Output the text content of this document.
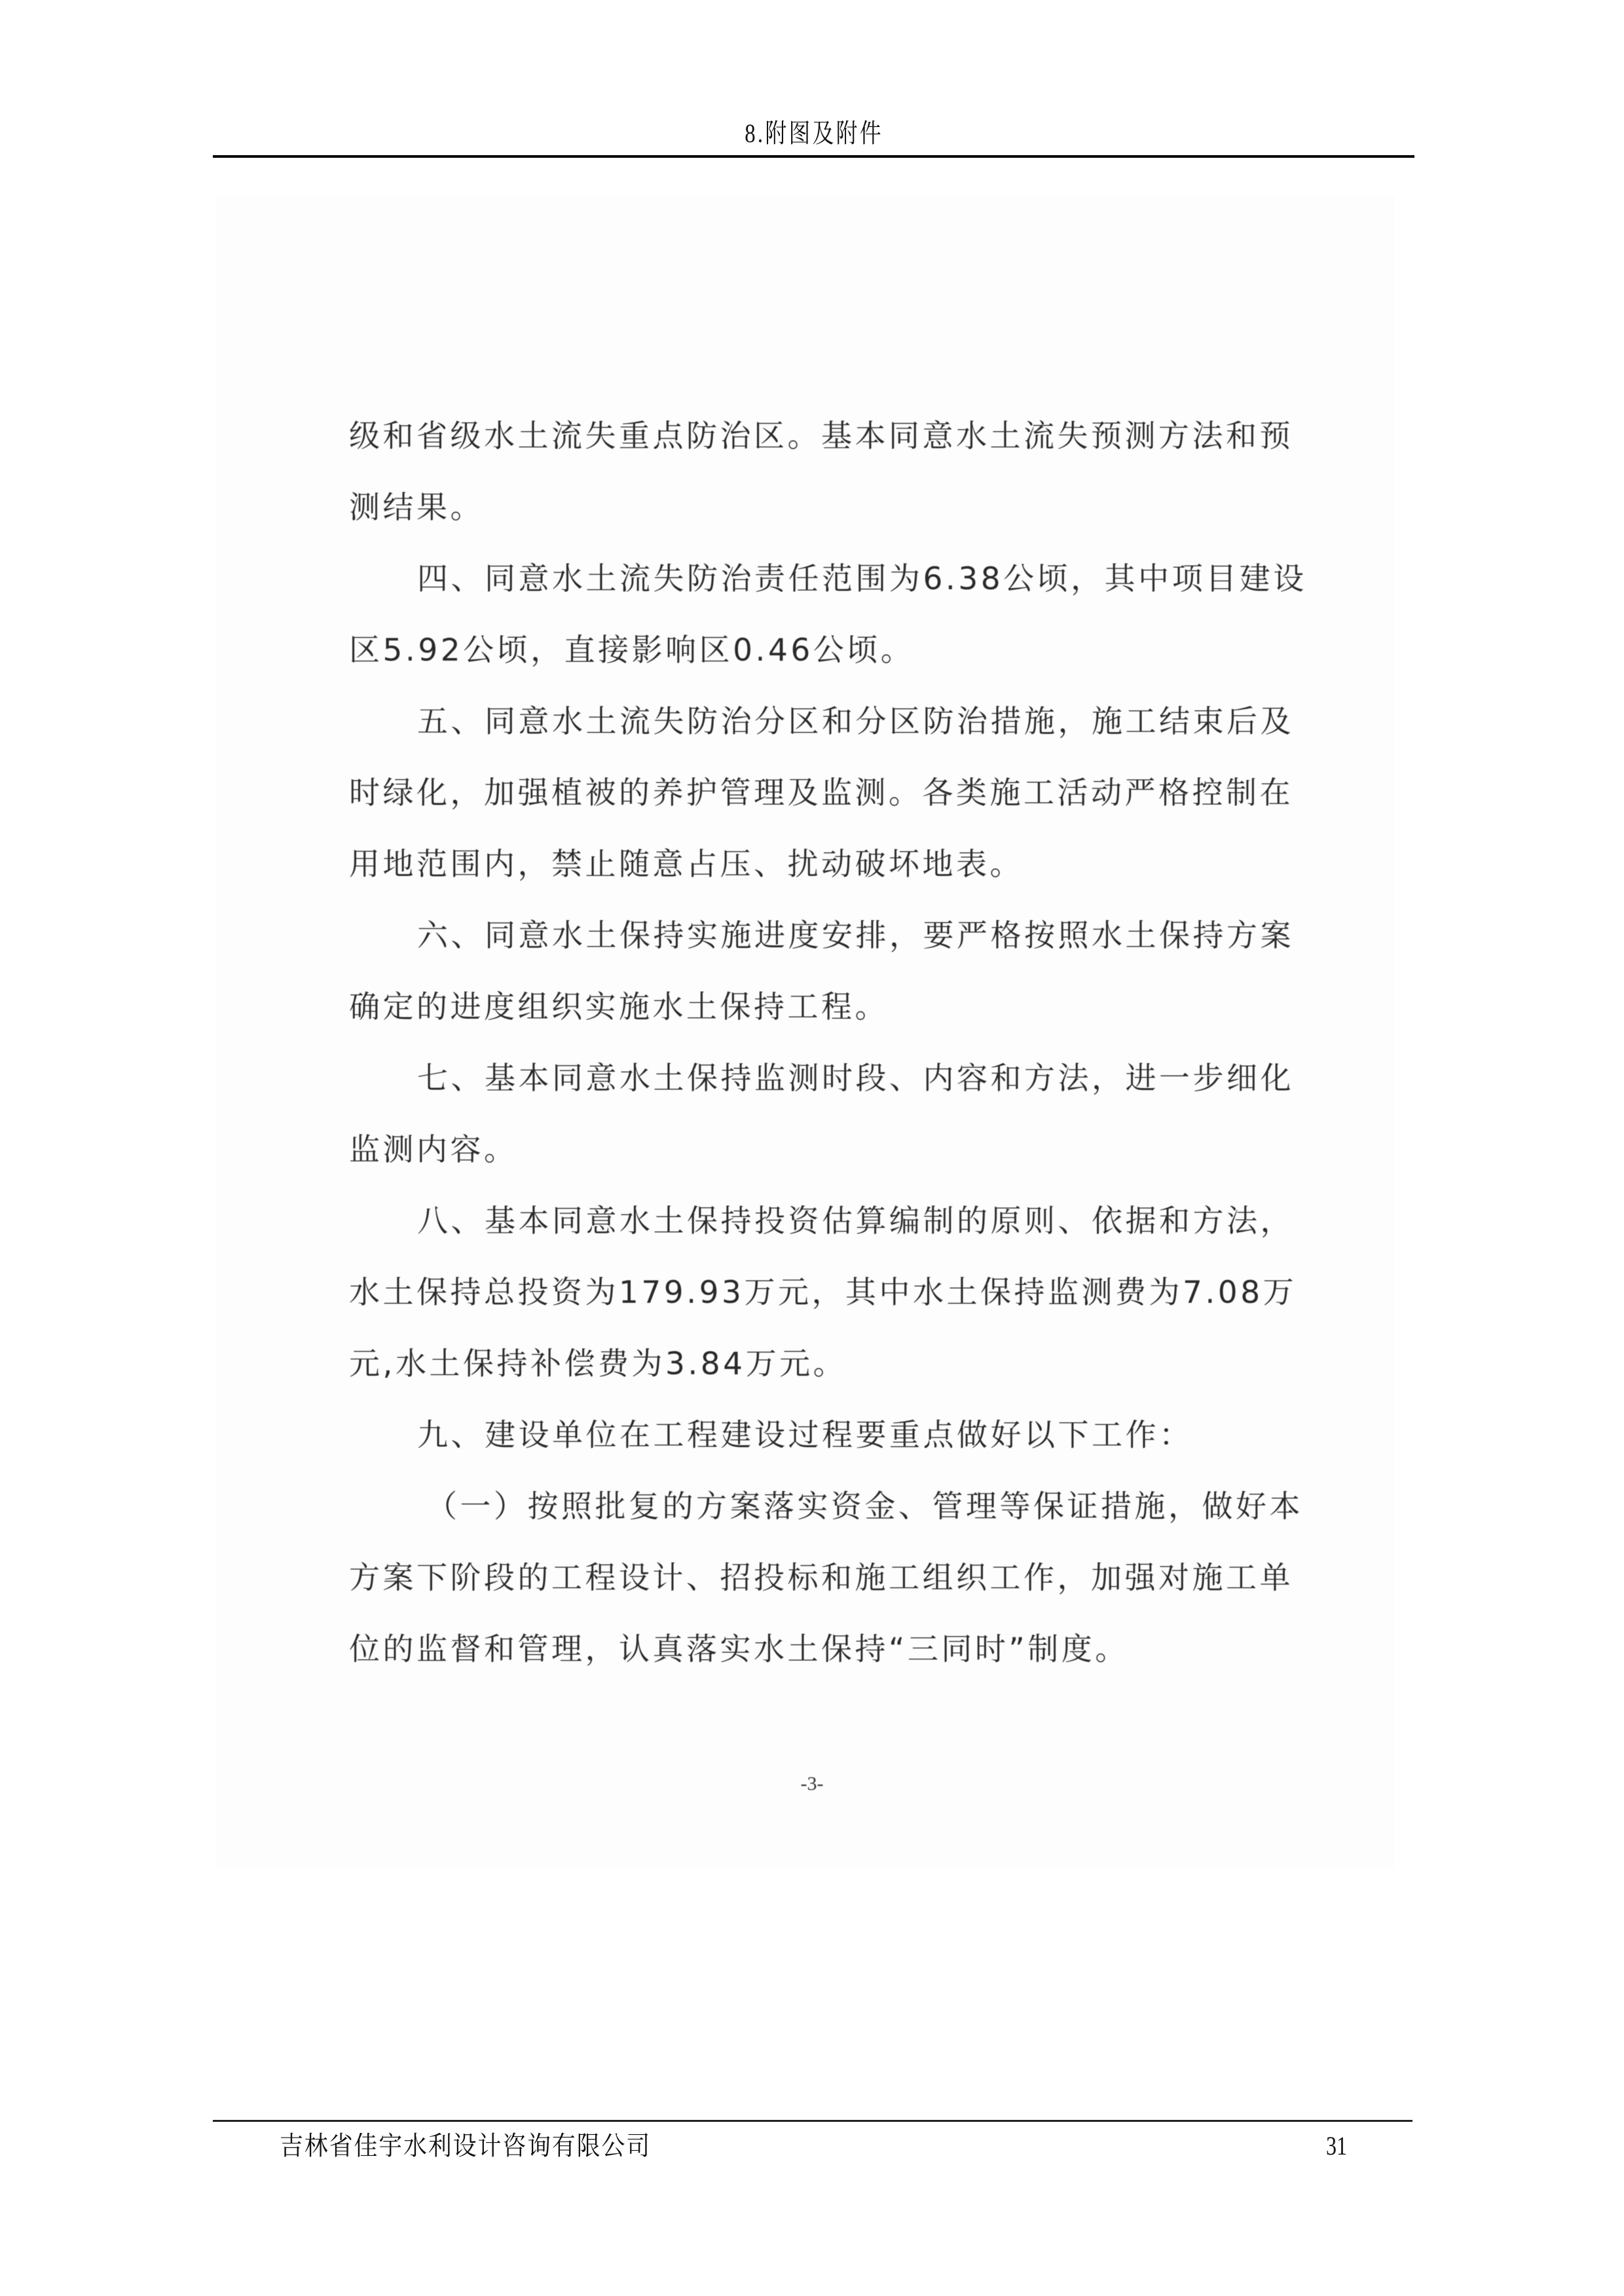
8.附图及附件
级和省级水土流失重点防治区。基本同意水土流失预测方法和预
测结果。
四、同意水土流失防治责任范围为6.38公顷，其中项目建设
区5.92公顷，直接影响区0.46公顷。
五、同意水土流失防治分区和分区防治措施，施工结束后及
时绿化，加强植被的养护管理及监测。各类施工活动严格控制在
用地范围内，禁止随意占压、扰动破坏地表。
六、同意水土保持实施进度安排，要严格按照水土保持方案
确定的进度组织实施水土保持工程。
七、基本同意水土保持监测时段、内容和方法，进一步细化
监测内容。
八、基本同意水土保持投资估算编制的原则、依据和方法，
水土保持总投资为179.93万元，其中水土保持监测费为7.08万
元,水土保持补偿费为3.84万元。
九、建设单位在工程建设过程要重点做好以下工作：
（一）按照批复的方案落实资金、管理等保证措施，做好本
方案下阶段的工程设计、招投标和施工组织工作，加强对施工单
位的监督和管理，认真落实水土保持“三同时”制度。
-3-
吉林省佳宇水利设计咨询有限公司	31
